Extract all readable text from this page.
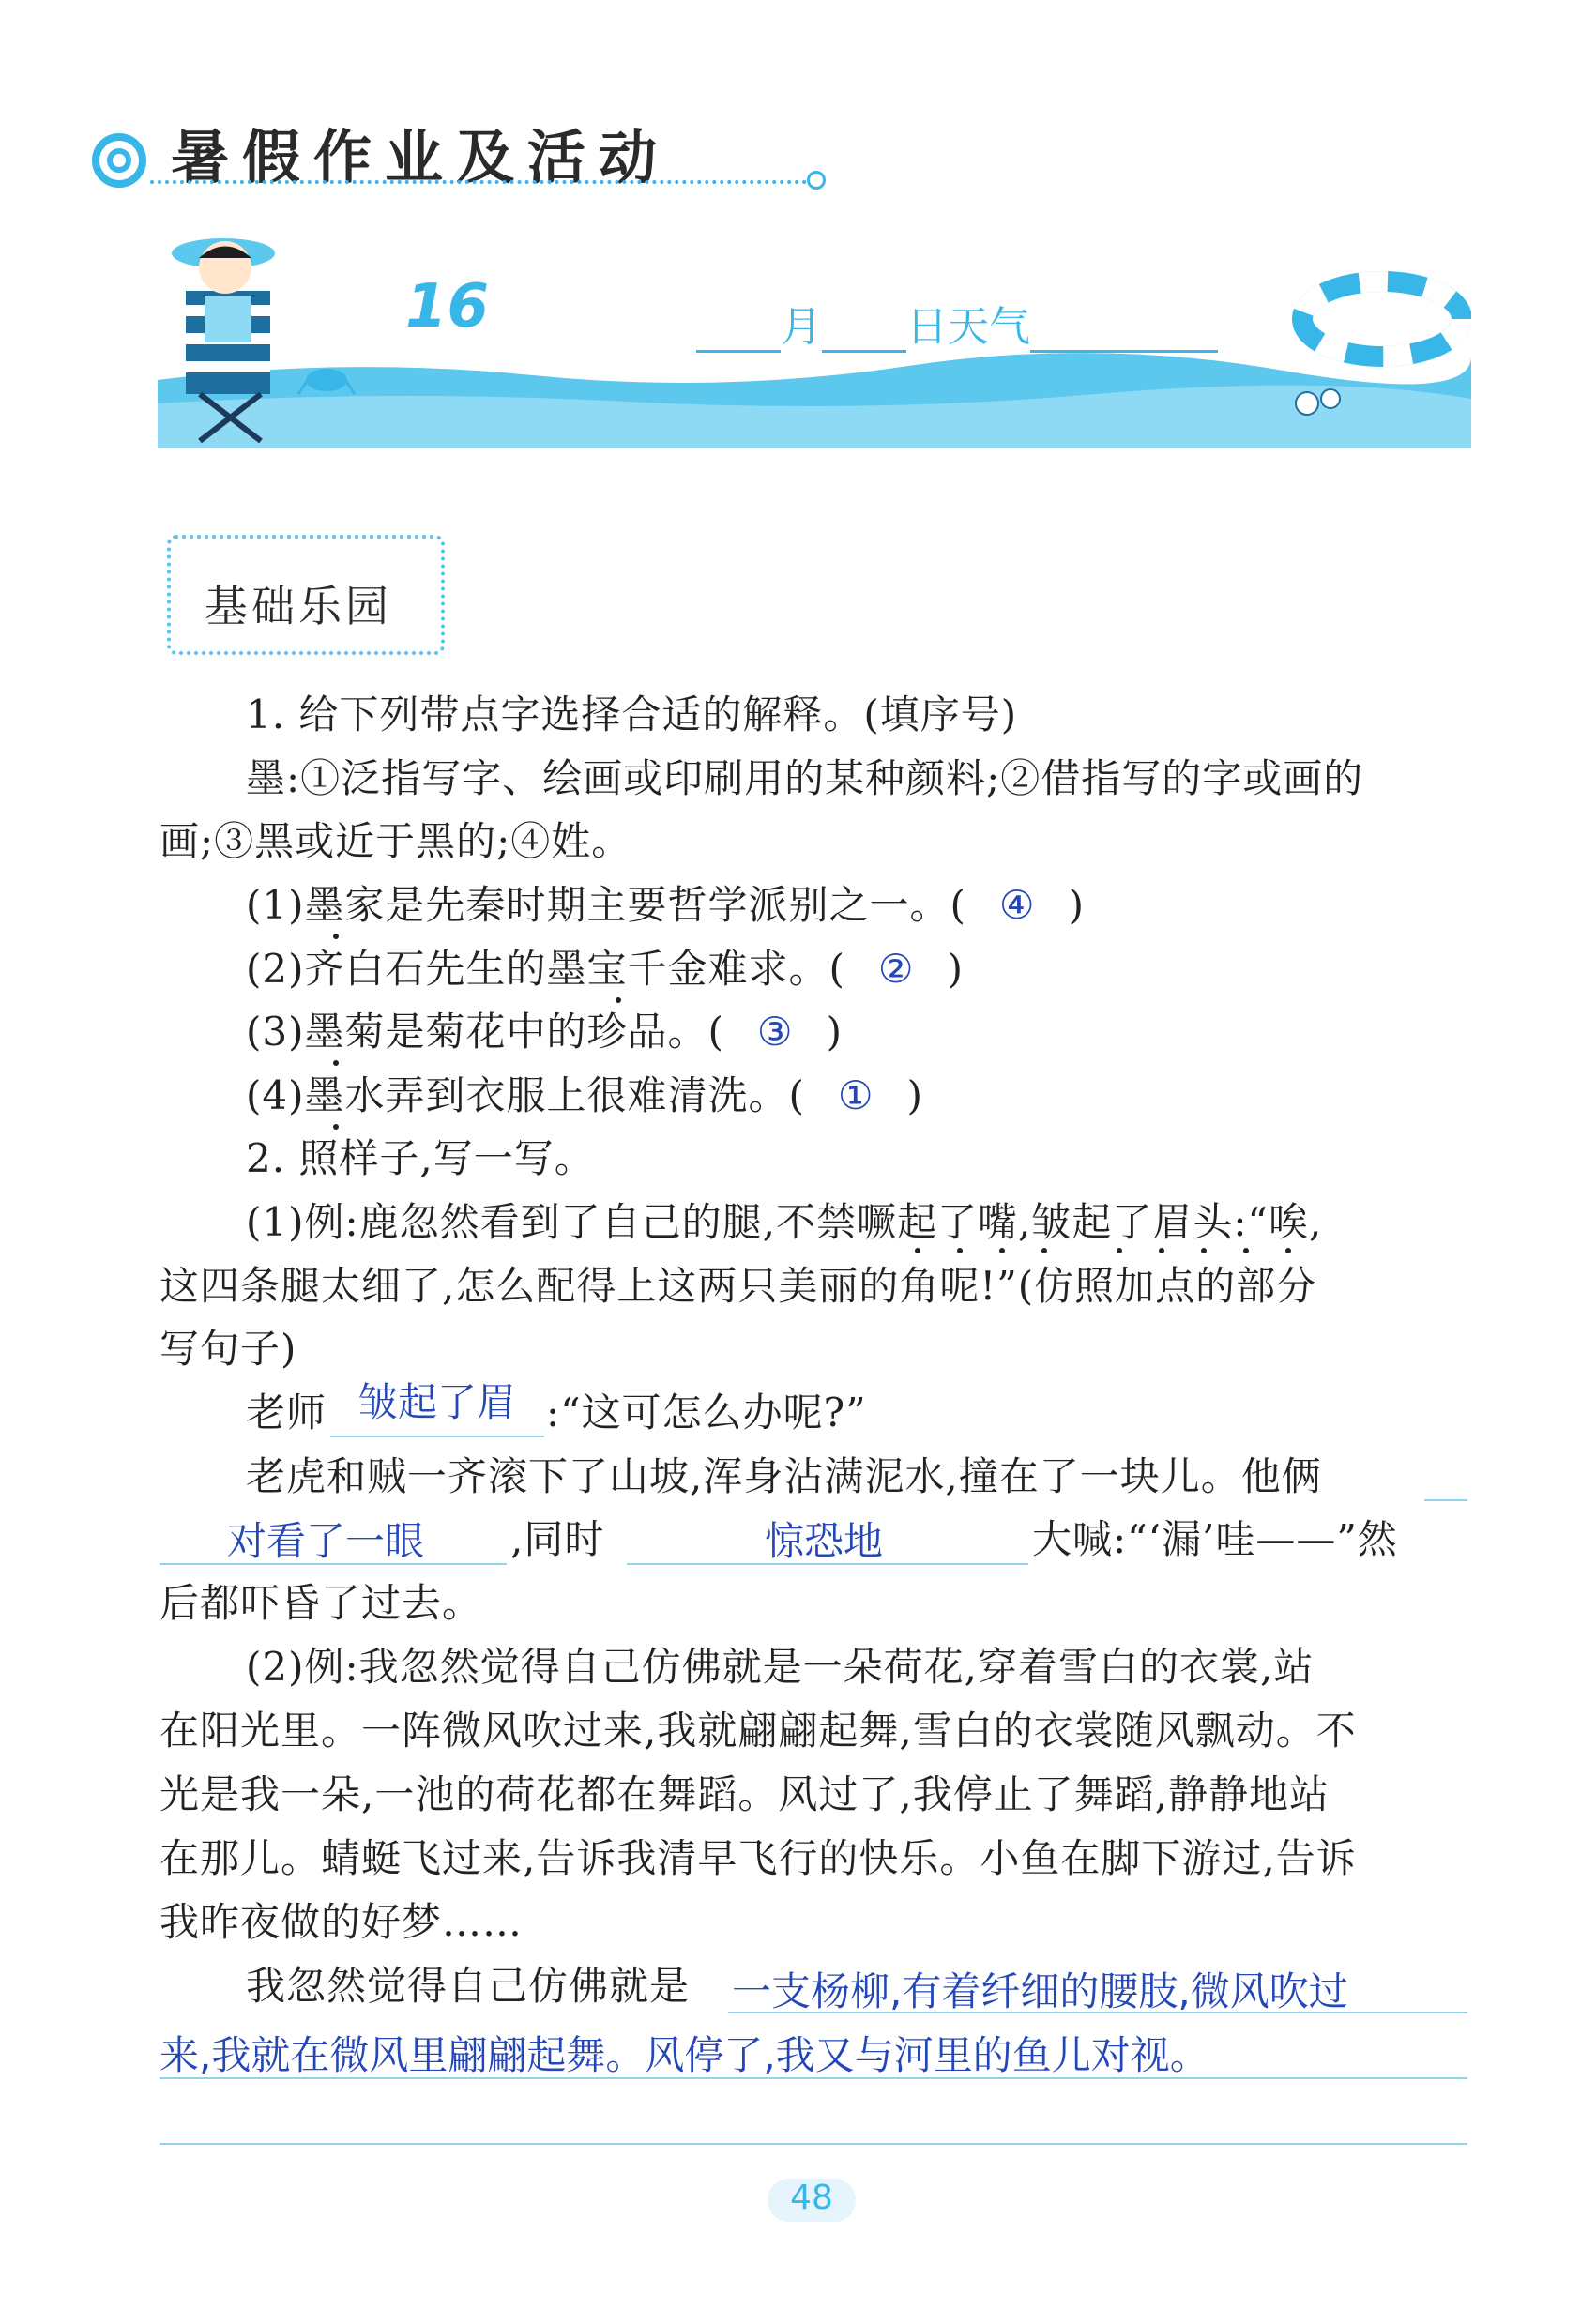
暑假作业及活动
16	月 日天气
基础乐园
1. 给下列带点字选择合适的解释。(填序号)
墨:①泛指写字、绘画或印刷用的某种颜料;②借指写的字或画的
画;③黑或近于黑的;④姓。
(1)墨家是先秦时期主要哲学派别之一。( ④ )
(2)齐白石先生的墨宝千金难求。( ② )
(3)墨菊是菊花中的珍品。( ③ )
(4)墨水弄到衣服上很难清洗。( ① )
2. 照样子,写一写。
(1)例:鹿忽然看到了自己的腿,不禁噘起了嘴,皱起了眉头:“唉,
这四条腿太细了,怎么配得上这两只美丽的角呢!”(仿照加点的部分
写句子)
老师 皱起了眉 :“这可怎么办呢?”
老虎和贼一齐滚下了山坡,浑身沾满泥水,撞在了一块儿。他俩
对看了一眼 ,同时	惊恐地	大喊:“‘漏’哇——”然
后都吓昏了过去。
(2)例:我忽然觉得自己仿佛就是一朵荷花,穿着雪白的衣裳,站
在阳光里。一阵微风吹过来,我就翩翩起舞,雪白的衣裳随风飘动。不
光是我一朵,一池的荷花都在舞蹈。风过了,我停止了舞蹈,静静地站
在那儿。蜻蜓飞过来,告诉我清早飞行的快乐。小鱼在脚下游过,告诉
我昨夜做的好梦……
我忽然觉得自己仿佛就是 一支杨柳,有着纤细的腰肢,微风吹过
来,我就在微风里翩翩起舞。风停了,我又与河里的鱼儿对视。
48
